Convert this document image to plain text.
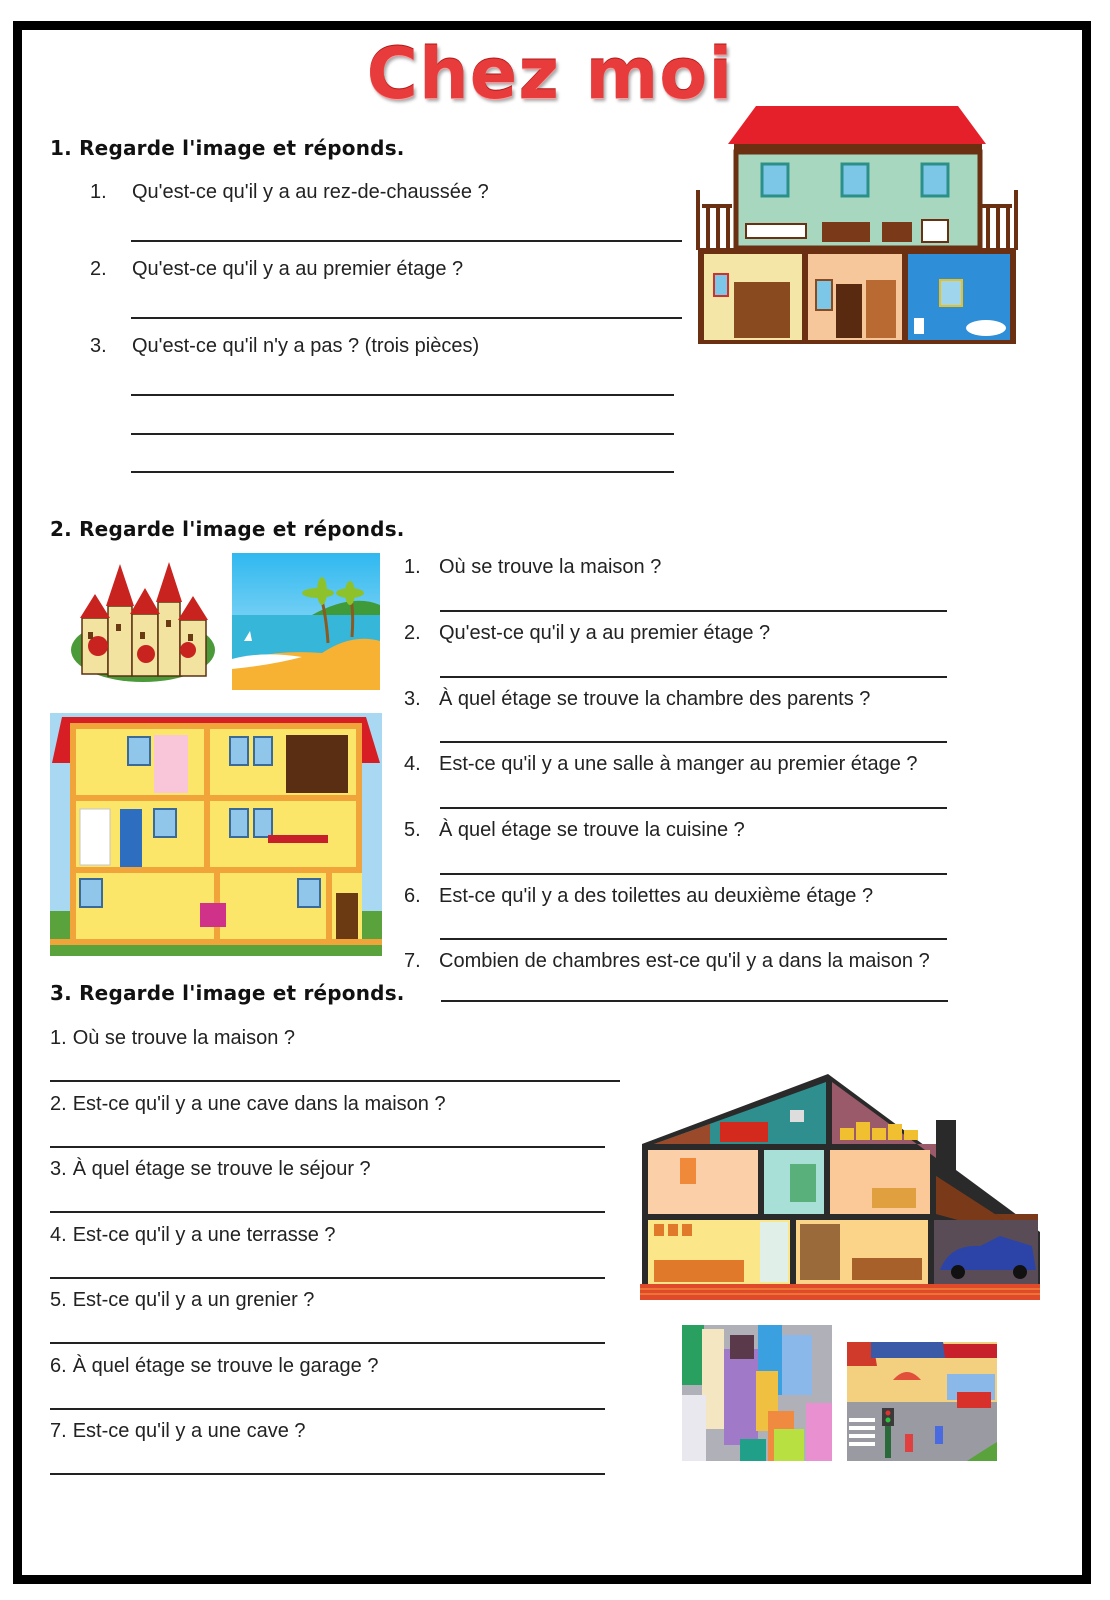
Chez moi
1. Regarde l'image et réponds.
1. Qu'est-ce qu'il y a au rez-de-chaussée ?
2. Qu'est-ce qu'il y a au premier étage ?
3. Qu'est-ce qu'il n'y a pas ? (trois pièces)
2. Regarde l'image et réponds.
1. Où se trouve la maison ?
2. Qu'est-ce qu'il y a au premier étage ?
3. À quel étage se trouve la chambre des parents ?
4. Est-ce qu'il y a une salle à manger au premier étage ?
5. À quel étage se trouve la cuisine ?
6. Est-ce qu'il y a des toilettes au deuxième étage ?
7. Combien de chambres est-ce qu'il y a dans la maison ?
3. Regarde l'image et réponds.
1. Où se trouve la maison ?
2. Est-ce qu'il y a une cave dans la maison ?
3. À quel étage se trouve le séjour ?
4. Est-ce qu'il y a une terrasse ?
5. Est-ce qu'il y a un grenier ?
6. À quel étage se trouve le garage ?
7. Est-ce qu'il y a une cave ?
